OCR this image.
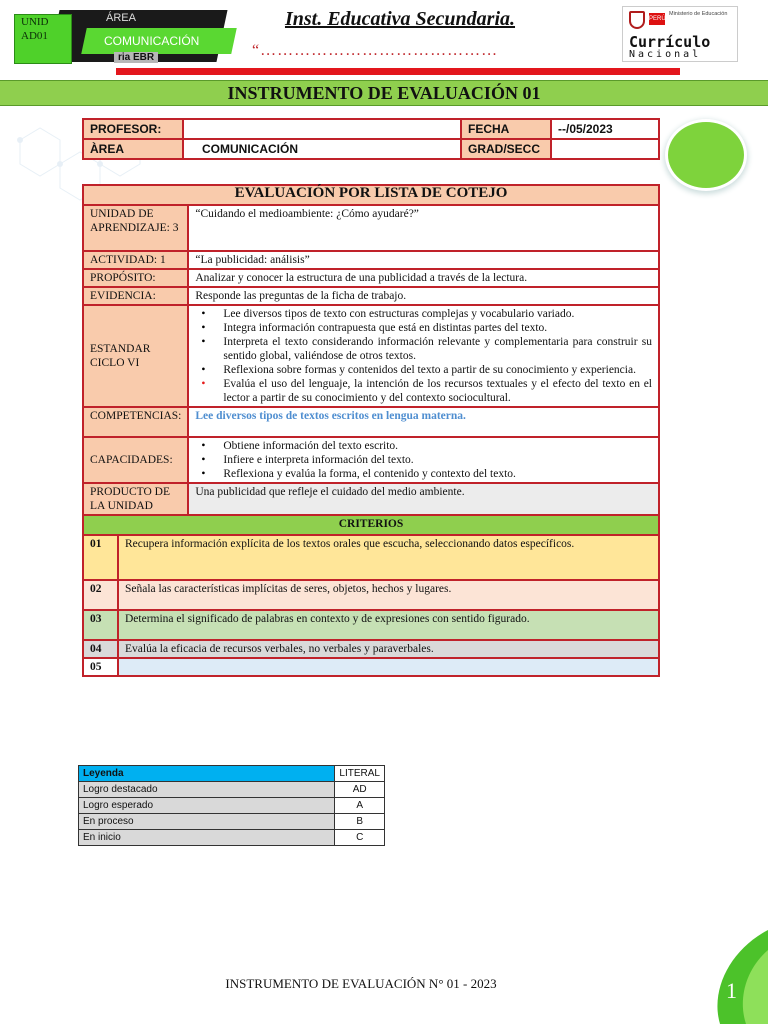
ÁREA
COMUNICACIÓN
ria EBR
UNID
AD01
Inst. Educativa Secundaria.
“……………………………………
PERÚ
Ministerio de Educación
Currículo
Nacional
INSTRUMENTO DE EVALUACIÓN 01
PROFESOR:		FECHA	--/05/2023
ÀREA	COMUNICACIÓN	GRAD/SECC	
EVALUACIÓN POR LISTA DE COTEJO
UNIDAD DE APRENDIZAJE: 3	“Cuidando el medioambiente: ¿Cómo ayudaré?”
ACTIVIDAD: 1	“La publicidad: análisis”
PROPÓSITO:	Analizar y conocer la estructura de una publicidad a través de la lectura.
EVIDENCIA:	Responde las preguntas de la ficha de trabajo.
ESTANDAR CICLO VI	
• Lee diversos tipos de texto con estructuras complejas y vocabulario variado.
• Integra información contrapuesta que está en distintas partes del texto.
• Interpreta el texto considerando información relevante y complementaria para construir su sentido global, valiéndose de otros textos.
• Reflexiona sobre formas y contenidos del texto a partir de su conocimiento y experiencia.
• Evalúa el uso del lenguaje, la intención de los recursos textuales y el efecto del texto en el lector a partir de su conocimiento y del contexto sociocultural.

COMPETENCIAS:	Lee diversos tipos de textos escritos en lengua materna.
CAPACIDADES:	
• Obtiene información del texto escrito.
• Infiere e interpreta información del texto.
• Reflexiona y evalúa la forma, el contenido y contexto del texto.

PRODUCTO DE LA UNIDAD	Una publicidad que refleje el cuidado del medio ambiente.
CRITERIOS

01	Recupera información explícita de los textos orales que escucha, seleccionando datos específicos.
02	Señala las características implícitas de seres, objetos, hechos y lugares.
03	Determina el significado de palabras en contexto y de expresiones con sentido figurado.
04	Evalúa la eficacia de recursos verbales, no verbales y paraverbales.
05	
Leyenda	LITERAL
Logro destacado	AD
Logro esperado	A
En proceso	B
En inicio	C
INSTRUMENTO DE EVALUACIÓN N° 01 - 2023	1
